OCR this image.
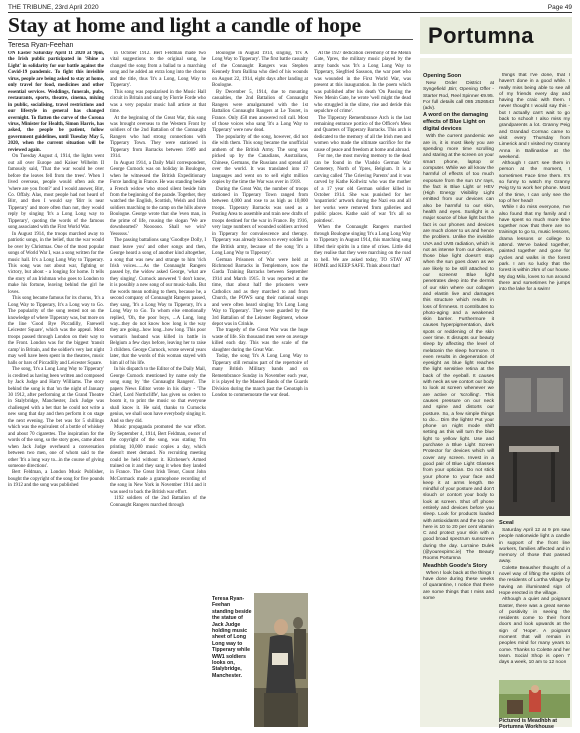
THE TRIBUNE, 23rd April 2020	Page 49
Stay at home and light a candle of hope
Teresa Ryan-Feehan	Portumna

ON Easter Saturday April 11 2020 at 9pm, the Irish public participated in 'Shine a Light' in solidarity for our battle against the Covid-19 pandemic. To fight this invisible virus, people are being asked to stay at home, only travel for food, medicines and other essential services. Weddings, funerals, pubs, restaurants, sports, theatre, cinema, mixing in public, socialising, travel restrictions and our lifestyle in general has changed overnight. To flatten the curve of the Corona virus, Minister for Health, Simon Harris, has asked, the people be patient, follow government guidelines, until Tuesday May 5, 2020, when the current situation will be reviewed again.

On Tuesday August 4, 1914, the lights went out all over Europe and Kaiser Wilhelm II famously said, 'That the war would be over before the leaves fell from the trees'. When I lived overseas, people would often ask me 'where are you from?' and I would answer, Birr, Co. Offaly. Alas, most people had not heard of Birr, and then I would say 'Birr is near Tipperary' and more often than not, they would reply by singing 'It's a Long Long way to Tipperary', quoting the words of the famous song associated with the First World War.

In August 1914, the troops marched away to patriotic songs, in the belief, that the war would be over by Christmas. One of the most popular songs of World War I, was a song written for the music hall. It's a Long Long Way to Tipperary. This song was not about war, fighting or victory, but about - a longing for home. It tells the story of an Irishman who goes to London to make his fortune, leaving behind the girl he loves.

This song became famous for its chorus, 'It's a Long Way to Tipperary, It's a Long way to Go. The popularity of the song rested not on the knowledge of where Tipperary was, but more on the line 'Good Bye Piccadilly, Farewell Leicester Square', which was the appeal. Most troops passed through London on their way to the Front. London was for the biggest 'transit camp' in Britain, and the soldier's very last night may well have been spent in the theatres, music halls or bars of Piccadilly and Leicester Square.

The song, 'It's a Long Long Way to Tipperary' is credited as having been written and composed by Jack Judge and Harry Williams. The story behind the song is that 'on the night of January 30 1912, after performing at the Grand Theatre in Stalybridge, Manchester, Jack Judge was challenged with a bet that he could not write a new song that day and then perform it on stage the next evening. The bet was for 5 shillings which was the equivalent of a bottle of whiskey and about 70 cigarettes. The inspiration for the words of the song, so the story goes, came about when Jack Judge overheard a conversation between two men, one of whom said to the other 'It's a long way to...in the course of giving someone directions'.

Bert Feldman, a London Music Publisher, bought the copyright of the song for five pounds in 1912 and the song was published

in October 1912. Bert Feldman made two vital suggestions to the original song, he changed the song from a ballad to a marching song and he added an extra long into the chorus and the title, thus 'It's a Long, Long Way to Tipperary'.

This song was popularised in the Music Hall circuit in Britain and sung by Florrie Forde who was a very popular music hall artiste at that time.

At the beginning of the Great War, this song was brought overseas to the Western Front by soldiers of the 2nd Battalion of the Connaught Rangers who had strong connections with Tipperary Town. They were stationed in Tipperary from Barracks between 1909 and 1914.

In August 1914, a Daily Mail correspondent, George Curnock was on holiday in Boulogne, when he witnessed the British Expeditionary Force landing in France. He was standing beside a French widow who stood silent beside him from the beginning of the parade. Together, they watched the English, Scottish, Welsh and Irish soldiers marching to the camp on the hills above Boulogne. George wrote that she 'even man, in the prime of life, rousing the slogan 'We are downhearted? Noooooo. Shall we win? Yessssss.'

The passing battalions sang 'Goodbye Dolly, I must leave you' and other songs and then, George heard a song of another kind altogether, a song that was new and strange to him 'rich Irish voices......As the Connaught Rangers passed by, the widow asked George, 'what are they singing'. Curnock answered 'I don't know, it is possibly a new song of our music-halls. But the words mean nothing to them, because he, a second company of Connaught Rangers passed, they sang, 'It's a Long Way to Tipperary, It's a Long Way to Go. To whom else emotionally replied, 'Oh, the poor boys, ...A Long, long way...they do not know how long is the way they are going...how long...how long. This poor woman's husband was killed in battle in Belgium a few days before, leaving her to raise 3 children. George Curnock, wrote several years later, that the words of this woman stayed with him all of his life.

In his dispatch to the Editor of the Daily Mail, George Curnock mentioned by name only the song sung by 'the Connaught Rangers'. The papers News Editor wrote in his diary - 'The Chief, Lord Northcliffe', has given us orders to boom it, to print the music so that everyone shall know it. He said, thanks to Curnocks genius, we shall soon have everybody singing it. And so they did.

Music propaganda promoted the war effort. By September 4, 1914, Bert Feldman, owner of the copyright of the song, was stating 'I'm printing 10,000 music copies a day, which doesn't meet demand. No recruiting meeting could be held without it. Kitchener's Armed trained on it and they sang it when they landed in France. The Great Irish Tenor, Count John McCormack made a gramophone recording of the song in New York in November 1914 and it was used to back the British war effort.

1192 soldiers of the 2nd Battalion of the Connaught Rangers marched through

Boulogne in August 1914, singing, 'It's A Long Way to Tipperary'. The first battle casualty of the Connaught Rangers was Stephen Kennedy from Ballina who died of his wounds on August 22, 1914, eight days after landing at Boulogne.

By December 5, 1914, due to mounting casualties, the 2nd Battalion of Connaught Rangers were amalgamated with the 1st Battalion Connaught Rangers at Le Touret, in France. Only 450 men answered roll call. Most of those voices who sang 'It's a Long Way to Tipperary' were now dead.

The popularity of the song, however, did not die with them. This song became the unofficial anthem of the British Army. The song was picked up by the Canadians, Australians, Chinese, Germans, the Russians and spread all over the world. It was translated into 17 languages and went on to sell eight million copies by the time the War was over in 1918.

During the Great War, the number of troops stationed in Tipperary Town ranged from between 4,000 and rose to as high as 10,000 troops. Tipperary Barracks was used as a Posting Area to assemble and train new drafts of troops destined for the war in France. By 1916, very large numbers of wounded soldiers arrived in Tipperary for convalescence and therapy. Tipperary was already known to every soldier in the British army, because of the song 'It's a Long Long Way to Tipperary'.

German Prisoners of War were held at Richmond Barracks in Templemore, now the Garda Training Barracks between September 1914 and March 1915. It was reported at the time, that about half the prisoners were Catholics and as they marched to and from Church, the POWS sang their national songs and were often heard singing 'It's Long Long Way to Tipperary'. They were guarded by the 3rd Battalion of the Leinster Regiment, whose depot was in Crinkle.

The tragedy of the Great War was the huge waste of life. Six thousand men were on average killed each day. This was the scale of the slaughter during the Great War.

Today, the song 'It's A Long Long Way to Tipperary still remains part of the repertoire of many British Military bands and on Remembrance Sunday in November each year, it is played by the Massed Bands of the Guards Division during the march past the Cenotaph in London to commemorate the war dead.

At the 1927 dedication ceremony of the Menin Gate, Ypres, the military music played by the army bands was 'It's a Long Long Way to Tipperary, Siegfried Sassoon, the war poet who was wounded in the First World War, was present at this inauguration. In the poem which was published after his death 'On Passing the New Menin Gate, he wrote 'well might the dead who struggled in the slime, rise and deride this sepulchre of crime'.

The Tipperary Remembrance Arch is the last remaining entrance portico of the Officer's Mess and Quarters of Tipperary Barracks. This arch is dedicated to the memory of all the Irish men and women who made the ultimate sacrifice for the cause of peace and freedom at home and abroad.

For me, the most moving memory to the dead can be found in the Vladslo German War Cemetery, North of Ypres, Belgium. It is a carving called 'The Grieving Parents' and it was carved by Kathe Kollwitz who was the mother of a 17 year old German soldier killed in October 1914. She was punished for her 'unpatriotic' artwork during the Nazi era and all her works were removed from galleries and public places. Kathe said of war 'It's all so pointless'.

When the Connaught Rangers marched through Boulogne singing 'It's a Long Long Way to Tipperary in August 1914, this marching song lifted their spirits in a time of crises. Little did they realise that they were marching on the road to hell. We are asked today, TO STAY AT HOME and KEEP SAFE. Think about that!

Teresa Ryan-Feehan standing beside the statue of Jack Judge holding music sheet of Long Long way to Tipperary while WW1 soldiers looks on, Stalybridge, Manchester.
Opening Soon

New Order District at Syngefield ,Birr, Opening Offer -Starter Rod, Reel Spinner €9.95. For full details call 085 2526543 (adv).

A word on the damaging effects of Blue Light on digital devices

With the current pandemic we are in, it is most likely you are spending more time scrolling and staring at the screen on your smart phone, laptop or computer. While we all know the harmful of effects of too much exposure from the sun UV rays, the fact is Blue Light or HEV (High Energy Visibility Light emitted from our devices can also be harmful to our skin, health and eyes. Sunlight is a major source of blue light but the fact is our phones and devices are much closer to us and hence the problem. Unlike the invisible UVA and UVB radiation, which is not as intense from our devices, those blue light doesn't stop when the sun goes down as we are likely to be still attached to our screens! Blue light penetrates deep into the dermis of our skin where our collagen and elastin live and damages this structure which results in loss of firmness. It contributes to photo-aging and a weakened skin barrier. Furthermore it causes hyperpigmentation, dark spots or reddening of the skin over time. It disrupts our beauty sleep by affecting the level of melatonin the sleep hormone. It even results in degeneration of eyesight as blue light reaches the light sensitive retina at the back of the eyeball. It causes with neck as we contort our body to look at screen whenever we are active or 'scrolling'. This causes pressure on our neck and spine and distorts our posture. So, a few simple things to do... Dim the lights! Put your phone on night mode shift setting as this will turn the blue light to yellow light. Use and purchase a Blue Light Screen Protector for devices which will cover any screen. Invest in a good pair of Blue Light Glasses from your optician. Do not stick your phone to your face and keep it at arms length. Be mindful of your posture and don't slouch or contort your body to look at screen. Shut off phone entirely and devices before you sleep. Look for products loaded with antioxidants and the top one here is 10 to 20 per cent vitamin C and protect your skin with a good broad spectrum sunscreen during the day. Lorraine Dulek (@yourexpirnc.ie) The Beauty Rooms Portumna

Meadhbh Goode's Story

When I look back at the things I have done during these weeks of quarantine, I notice that there are some things that I miss and some

things that I've done, that I haven't done in a good while. I really miss being able to see all of my friends every day and having the craic with them. I never thought I would say this - but I actually can't wait to go back to school! I also miss my grandparents a lot. Granny Peig and Grandad Cormac came to visit every Thursday from Limerick and I visited my Granny Anna in Ballinasloe at the weekend.

Although I can't see them in person at the moment, I sometimes Face time them. It's so funny to watch my Granny Peig try to work her phone. Most of the time, I can only see the top of her head!

While I do miss everyone, I've also found that my family and I have spent so much more time together now that there are no trainings to go to, music lessons, drama lessons or college to attend. We've baked together, painted together and gone for cycles and walks in the forest park. I am so lucky that the forest is within 2km of our house. My dog Milo, loves to run around there and sometimes he jumps into the lake for a swim!

Sceal

Saturday April 12 at 9 pm saw people nationwide light a candle in support of the front line workers, families affected and in memory of those that passed away.

Colette Beausher thought of a novel way of lifting the spirits of the residents of Lortha Village by having an illuminated sign of Hope erected in the village.

Although a quiet and poignant Easter, there was a great sense of positivity in seeing the residents come to their front doors and look upwards at the sign of 'Hope'. A poignant moment that will remain in peoples mind for many years to come. Thanks to Colette and her team. Social Shop is open 7 days a week, 10 am to 12 noon

Pictured is Meadhbh at Portumna Workhouse
